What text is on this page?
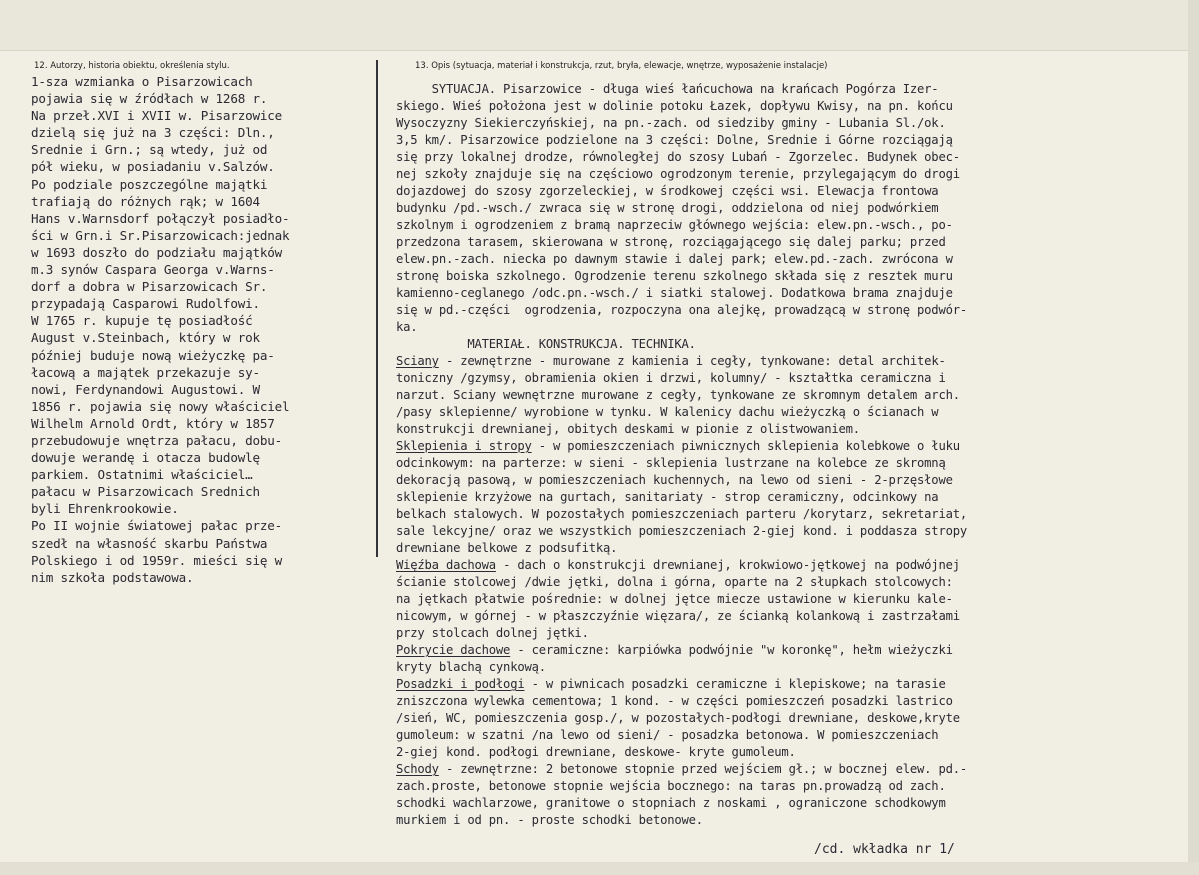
12. Autorzy, historia obiektu, określenia stylu.	13. Opis (sytuacja, materiał i konstrukcja, rzut, bryła, elewacje, wnętrze, wyposażenie instalacje)
1-sza wzmianka o Pisarzowicach
pojawia się w źródłach w 1268 r.
Na przeł.XVI i XVII w. Pisarzowice
dzielą się już na 3 części: Dln.,
Srednie i Grn.; są wtedy, już od
pół wieku, w posiadaniu v.Salzów.
Po podziale poszczególne majątki
trafiają do różnych rąk; w 1604
Hans v.Warnsdorf połączył posiadło-
ści w Grn.i Sr.Pisarzowicach:jednak
w 1693 doszło do podziału majątków
m.3 synów Caspara Georga v.Warns-
dorf a dobra w Pisarzowicach Sr.
przypadają Casparowi Rudolfowi.
W 1765 r. kupuje tę posiadłość
August v.Steinbach, który w rok
później buduje nową wieżyczkę pa-
łacową a majątek przekazuje sy-
nowi, Ferdynandowi Augustowi. W
1856 r. pojawia się nowy właściciel
Wilhelm Arnold Ordt, który w 1857
przebudowuje wnętrza pałacu, dobu-
dowuje werandę i otacza budowlę
parkiem. Ostatnimi właściciel…
pałacu w Pisarzowicach Srednich
byli Ehrenkrookowie.
Po II wojnie światowej pałac prze-
szedł na własność skarbu Państwa
Polskiego i od 1959r. mieści się w
nim szkoła podstawowa.
SYTUACJA. Pisarzowice - długa wieś łańcuchowa na krańcach Pogórza Izer-
skiego. Wieś położona jest w dolinie potoku Łazek, dopływu Kwisy, na pn. końcu
Wysoczyzny Siekierczyńskiej, na pn.-zach. od siedziby gminy - Lubania Sl./ok.
3,5 km/. Pisarzowice podzielone na 3 części: Dolne, Srednie i Górne rozciągają
się przy lokalnej drodze, równoległej do szosy Lubań - Zgorzelec. Budynek obec-
nej szkoły znajduje się na częściowo ogrodzonym terenie, przylegającym do drogi
dojazdowej do szosy zgorzeleckiej, w środkowej części wsi. Elewacja frontowa
budynku /pd.-wsch./ zwraca się w stronę drogi, oddzielona od niej podwórkiem
szkolnym i ogrodzeniem z bramą naprzeciw głównego wejścia: elew.pn.-wsch., po-
przedzona tarasem, skierowana w stronę, rozciągającego się dalej parku; przed
elew.pn.-zach. niecka po dawnym stawie i dalej park; elew.pd.-zach. zwrócona w
stronę boiska szkolnego. Ogrodzenie terenu szkolnego składa się z resztek muru
kamienno-ceglanego /odc.pn.-wsch./ i siatki stalowej. Dodatkowa brama znajduje
się w pd.-części  ogrodzenia, rozpoczyna ona alejkę, prowadzącą w stronę podwór-
ka.
MATERIAŁ. KONSTRUKCJA. TECHNIKA.
Sciany - zewnętrzne - murowane z kamienia i cegły, tynkowane: detal architek-
toniczny /gzymsy, obramienia okien i drzwi, kolumny/ - kształtka ceramiczna i
narzut. Sciany wewnętrzne murowane z cegły, tynkowane ze skromnym detalem arch.
/pasy sklepienne/ wyrobione w tynku. W kalenicy dachu wieżyczką o ścianach w
konstrukcji drewnianej, obitych deskami w pionie z olistwowaniem.
Sklepienia i stropy - w pomieszczeniach piwnicznych sklepienia kolebkowe o łuku
odcinkowym: na parterze: w sieni - sklepienia lustrzane na kolebce ze skromną
dekoracją pasową, w pomieszczeniach kuchennych, na lewo od sieni - 2-przęsłowe
sklepienie krzyżowe na gurtach, sanitariaty - strop ceramiczny, odcinkowy na
belkach stalowych. W pozostałych pomieszczeniach parteru /korytarz, sekretariat,
sale lekcyjne/ oraz we wszystkich pomieszczeniach 2-giej kond. i poddasza stropy
drewniane belkowe z podsufitką.
Więźba dachowa - dach o konstrukcji drewnianej, krokwiowo-jętkowej na podwójnej
ścianie stolcowej /dwie jętki, dolna i górna, oparte na 2 słupkach stolcowych:
na jętkach płatwie pośrednie: w dolnej jętce miecze ustawione w kierunku kale-
nicowym, w górnej - w płaszczyźnie więzara/, ze ścianką kolankową i zastrzałami
przy stolcach dolnej jętki.
Pokrycie dachowe - ceramiczne: karpiówka podwójnie "w koronkę", hełm wieżyczki
kryty blachą cynkową.
Posadzki i podłogi - w piwnicach posadzki ceramiczne i klepiskowe; na tarasie
zniszczona wylewka cementowa; 1 kond. - w części pomieszczeń posadzki lastrico
/sień, WC, pomieszczenia gosp./, w pozostałych-podłogi drewniane, deskowe,kryte
gumoleum: w szatni /na lewo od sieni/ - posadzka betonowa. W pomieszczeniach
2-giej kond. podłogi drewniane, deskowe- kryte gumoleum.
Schody - zewnętrzne: 2 betonowe stopnie przed wejściem gł.; w bocznej elew. pd.-
zach.proste, betonowe stopnie wejścia bocznego: na taras pn.prowadzą od zach.
schodki wachlarzowe, granitowe o stopniach z noskami , ograniczone schodkowym
murkiem i od pn. - proste schodki betonowe.
/cd. wkładka nr 1/
